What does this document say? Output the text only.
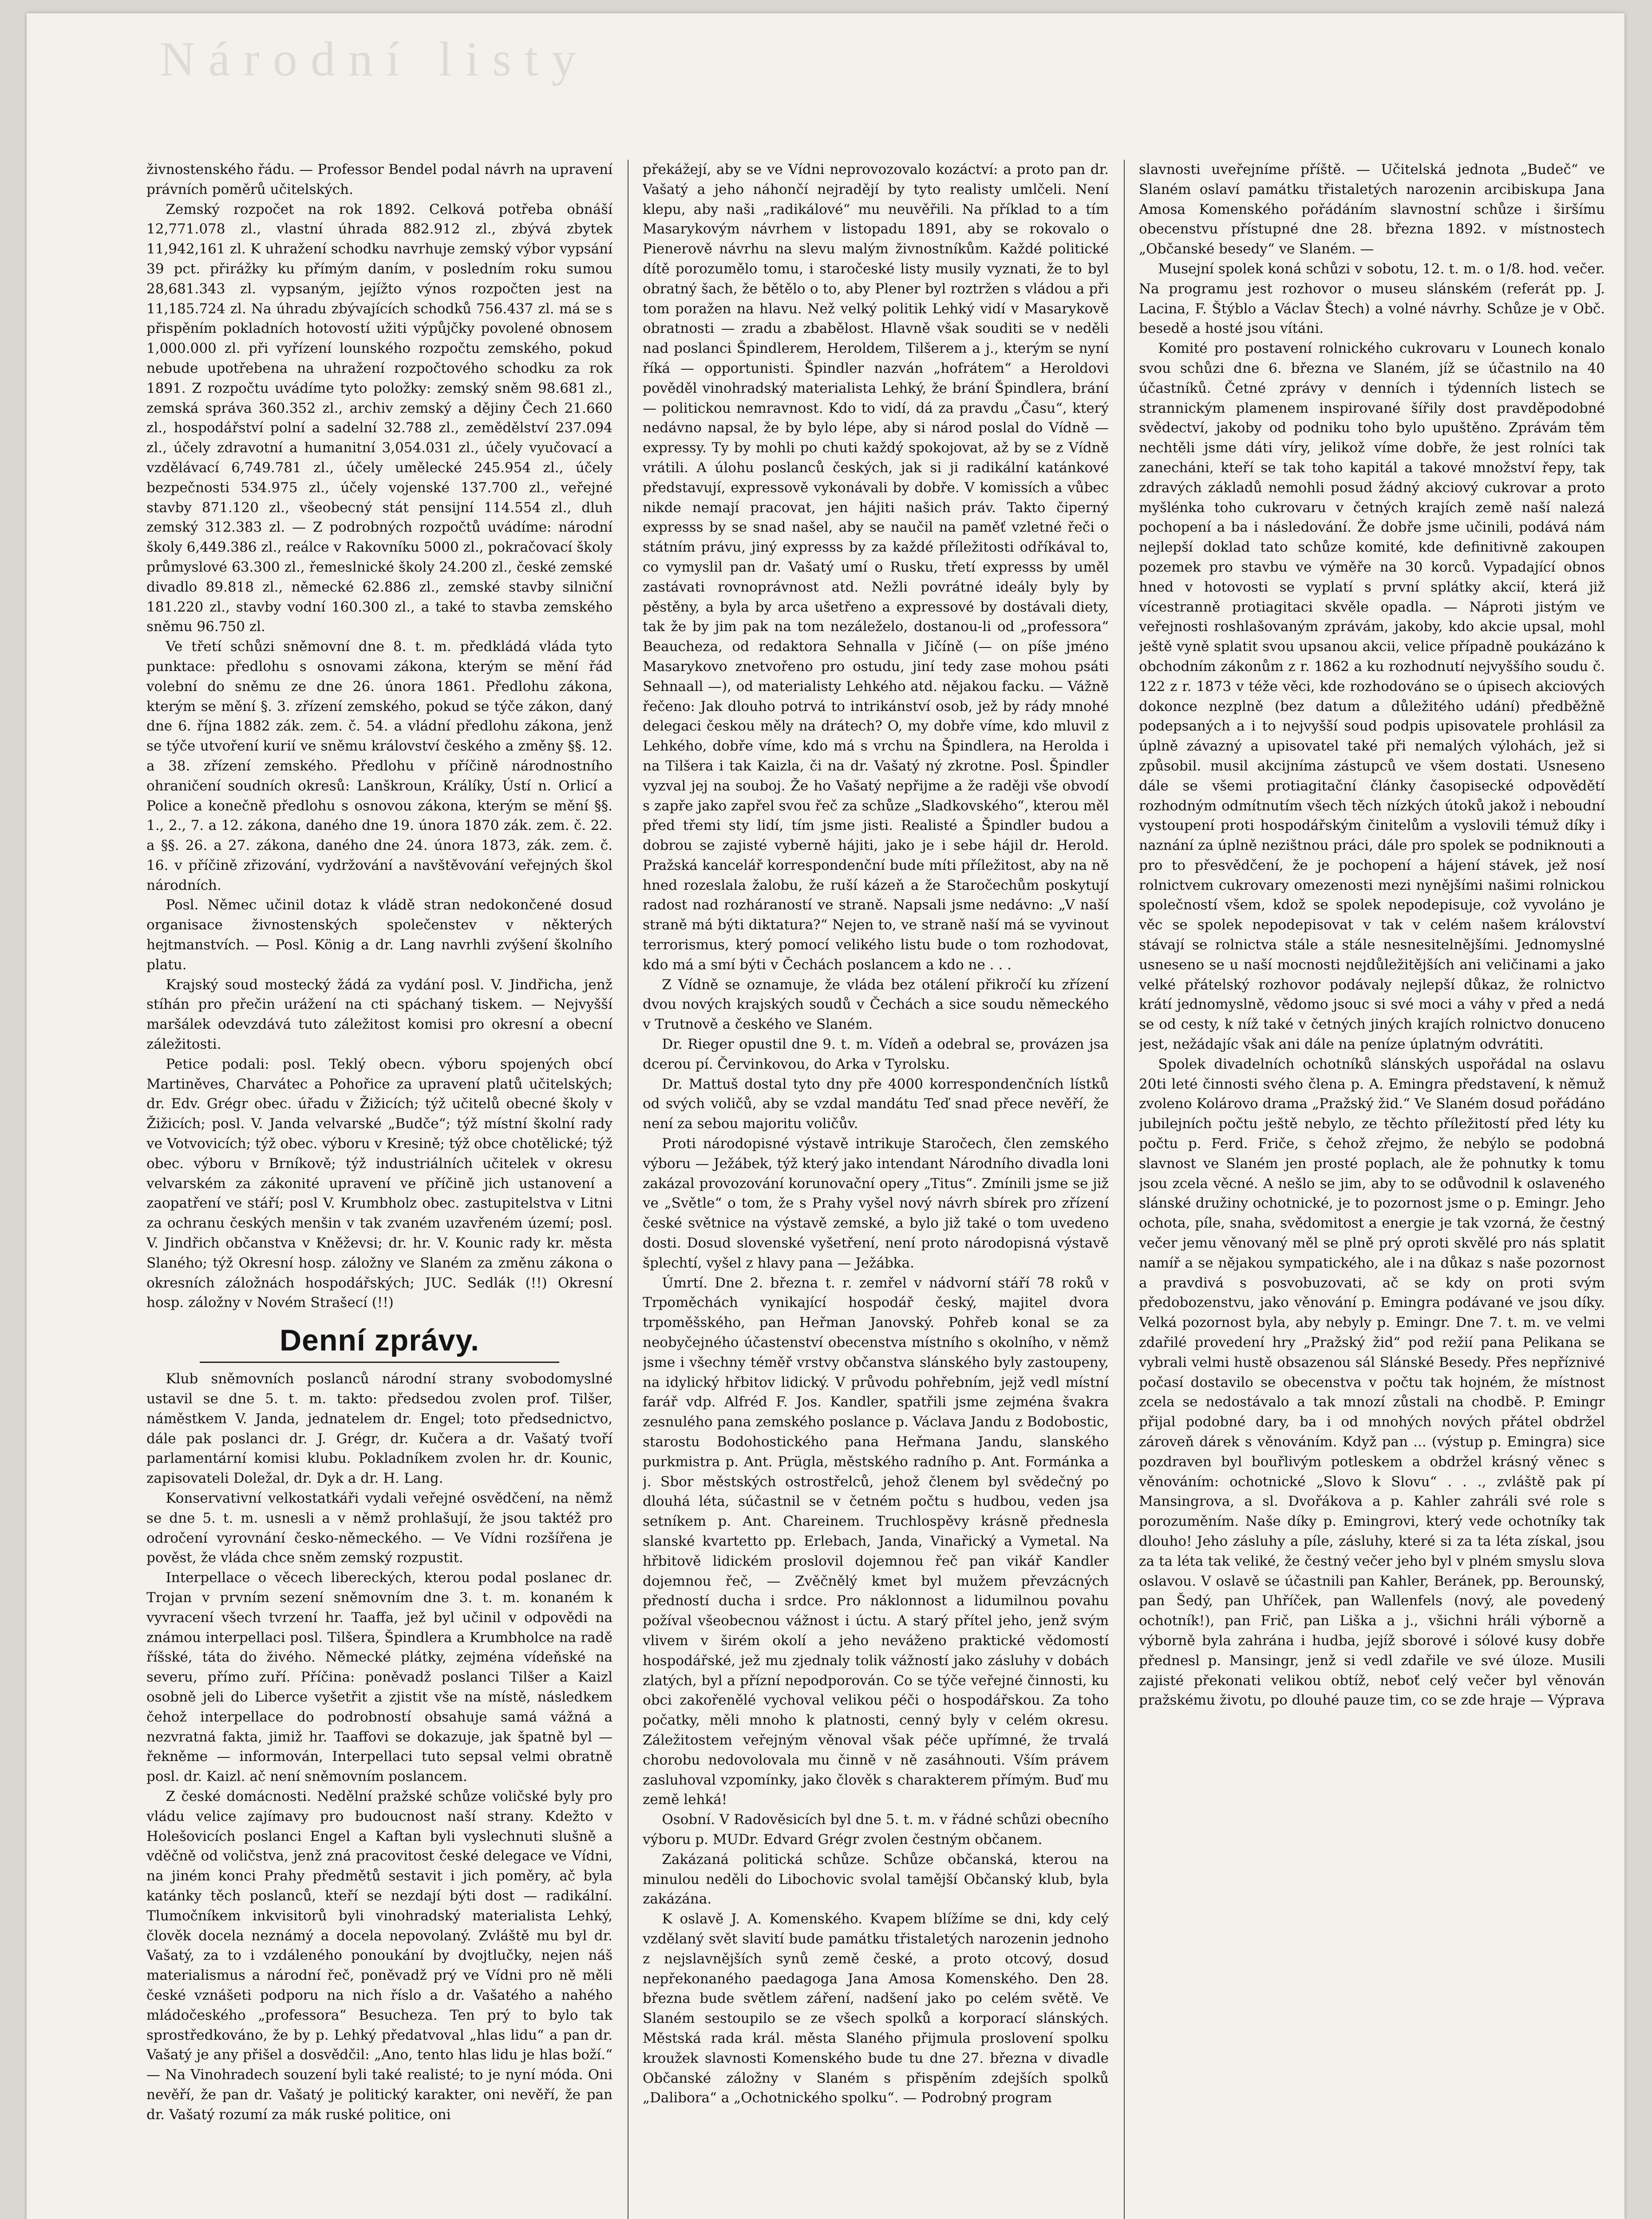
Národní listy

živnostenského řádu. — Professor Bendel podal návrh na upravení právních poměrů učitelských.

Zemský rozpočet na rok 1892. Celková potřeba obnáší 12,771.078 zl., vlastní úhrada 882.912 zl., zbývá zbytek 11,942,161 zl. K uhražení schodku navrhuje zemský výbor vypsání 39 pct. přirážky ku přímým daním, v posledním roku sumou 28,681.343 zl. vypsaným, jejížto výnos rozpočten jest na 11,185.724 zl. Na úhradu zbývajících schodků 756.437 zl. má se s přispěním pokladních hotovostí užiti výpůjčky povolené obnosem 1,000.000 zl. při vyřízení lounského rozpočtu zemského, pokud nebude upotřebena na uhražení rozpočtového schodku za rok 1891. Z rozpočtu uvádíme tyto položky: zemský sněm 98.681 zl., zemská správa 360.352 zl., archiv zemský a dějiny Čech 21.660 zl., hospodářství polní a sadelní 32.788 zl., zemědělství 237.094 zl., účely zdravotní a humanitní 3,054.031 zl., účely vyučovací a vzdělávací 6,749.781 zl., účely umělecké 245.954 zl., účely bezpečnosti 534.975 zl., účely vojenské 137.700 zl., veřejné stavby 871.120 zl., všeobecný stát pensijní 114.554 zl., dluh zemský 312.383 zl. — Z podrobných rozpočtů uvádíme: národní školy 6,449.386 zl., reálce v Rakovníku 5000 zl., pokračovací školy průmyslové 63.300 zl., řemeslnické školy 24.200 zl., české zemské divadlo 89.818 zl., německé 62.886 zl., zemské stavby silniční 181.220 zl., stavby vodní 160.300 zl., a také to stavba zemského sněmu 96.750 zl.

Ve třetí schůzi sněmovní dne 8. t. m. předkládá vláda tyto punktace: předlohu s osnovami zákona, kterým se mění řád volební do sněmu ze dne 26. února 1861. Předlohu zákona, kterým se mění §. 3. zřízení zemského, pokud se týče zákon, daný dne 6. října 1882 zák. zem. č. 54. a vládní předlohu zákona, jenž se týče utvoření kurií ve sněmu království českého a změny §§. 12. a 38. zřízení zemského. Předlohu v příčině národnostního ohraničení soudních okresů: Lanškroun, Králíky, Ústí n. Orlicí a Police a konečně předlohu s osnovou zákona, kterým se mění §§. 1., 2., 7. a 12. zákona, daného dne 19. února 1870 zák. zem. č. 22. a §§. 26. a 27. zákona, daného dne 24. února 1873, zák. zem. č. 16. v příčině zřizování, vydržování a navštěvování veřejných škol národních.

Posl. Němec učinil dotaz k vládě stran nedokončené dosud organisace živnostenských společenstev v některých hejtmanstvích. — Posl. König a dr. Lang navrhli zvýšení školního platu.

Krajský soud mostecký žádá za vydání posl. V. Jindřicha, jenž stíhán pro přečin urážení na cti spáchaný tiskem. — Nejvyšší maršálek odevzdává tuto záležitost komisi pro okresní a obecní záležitosti.

Petice podali: posl. Teklý obecn. výboru spojených obcí Martiněves, Charvátec a Pohořice za upravení platů učitelských; dr. Edv. Grégr obec. úřadu v Žižicích; týž učitelů obecné školy v Žižicích; posl. V. Janda velvarské „Budče“; týž místní školní rady ve Votvovicích; týž obec. výboru v Kresině; týž obce chotělické; týž obec. výboru v Brníkově; týž industriálních učitelek v okresu velvarském za zákonité upravení ve příčině jich ustanovení a zaopatření ve stáří; posl V. Krumbholz obec. zastupitelstva v Litni za ochranu českých menšin v tak zvaném uzavřeném území; posl. V. Jindřich občanstva v Kněževsi; dr. hr. V. Kounic rady kr. města Slaného; týž Okresní hosp. záložny ve Slaném za změnu zákona o okresních záložnách hospodářských; JUC. Sedlák (!!) Okresní hosp. záložny v Novém Strašecí (!!)

Denní zprávy.

Klub sněmovních poslanců národní strany svobodomyslné ustavil se dne 5. t. m. takto: předsedou zvolen prof. Tilšer, náměstkem V. Janda, jednatelem dr. Engel; toto předsednictvo, dále pak poslanci dr. J. Grégr, dr. Kučera a dr. Vašatý tvoří parlamentární komisi klubu. Pokladníkem zvolen hr. dr. Kounic, zapisovateli Doležal, dr. Dyk a dr. H. Lang.

Konservativní velkostatkáři vydali veřejné osvědčení, na němž se dne 5. t. m. usnesli a v němž prohlašují, že jsou taktéž pro odročení vyrovnání česko-německého. — Ve Vídni rozšířena je pověst, že vláda chce sněm zemský rozpustit.

Interpellace o věcech libereckých, kterou podal poslanec dr. Trojan v prvním sezení sněmovním dne 3. t. m. konaném k vyvracení všech tvrzení hr. Taaffa, jež byl učinil v odpovědi na známou interpellaci posl. Tilšera, Špindlera a Krumbholce na radě říšské, táta do živého. Německé plátky, zejména vídeňské na severu, přímo zuří. Příčina: poněvadž poslanci Tilšer a Kaizl osobně jeli do Liberce vyšetřit a zjistit vše na místě, následkem čehož interpellace do podrobností obsahuje samá vážná a nezvratná fakta, jimiž hr. Taaffovi se dokazuje, jak špatně byl — řekněme — informován, Interpellaci tuto sepsal velmi obratně posl. dr. Kaizl. ač není sněmovním poslancem.

Z české domácnosti. Nedělní pražské schůze voličské byly pro vládu velice zajímavy pro budoucnost naší strany. Kdežto v Holešovicích poslanci Engel a Kaftan byli vyslechnuti slušně a vděčně od voličstva, jenž zná pracovitost české delegace ve Vídni, na jiném konci Prahy předmětů sestavit i jich poměry, ač byla katánky těch poslanců, kteří se nezdají býti dost — radikální. Tlumočníkem inkvisitorů byli vinohradský materialista Lehký, člověk docela neznámý a docela nepovolaný. Zvláště mu byl dr. Vašatý, za to i vzdáleného ponoukání by dvojtlučky, nejen náš materialismus a národní řeč, poněvadž prý ve Vídni pro ně měli české vznášeti podporu na nich říslo a dr. Vašatého a nahého mládočeského „professora“ Besucheza. Ten prý to bylo tak sprostředkováno, že by p. Lehký předatvoval „hlas lidu“ a pan dr. Vašatý je any přišel a dosvědčil: „Ano, tento hlas lidu je hlas boží.“ — Na Vinohradech souzení byli také realisté; to je nyní móda. Oni nevěří, že pan dr. Vašatý je politický karakter, oni nevěří, že pan dr. Vašatý rozumí za mák ruské politice, oni

překážejí, aby se ve Vídni neprovozovalo kozáctví: a proto pan dr. Vašatý a jeho náhončí nejradějí by tyto realisty umlčeli. Není klepu, aby naši „radikálové“ mu neuvěřili. Na příklad to a tím Masarykovým návrhem v listopadu 1891, aby se rokovalo o Pienerově návrhu na slevu malým živnostníkům. Každé politické dítě porozumělo tomu, i staročeské listy musily vyznati, že to byl obratný šach, že bětělo o to, aby Plener byl roztržen s vládou a při tom poražen na hlavu. Než velký politik Lehký vidí v Masarykově obratnosti — zradu a zbabělost. Hlavně však souditi se v neděli nad poslanci Špindlerem, Heroldem, Tilšerem a j., kterým se nyní říká — opportunisti. Špindler nazván „hofrátem“ a Heroldovi pověděl vinohradský materialista Lehký, že brání Špindlera, brání — politickou nemravnost. Kdo to vidí, dá za pravdu „Času“, který nedávno napsal, že by bylo lépe, aby si národ poslal do Vídně — expressy. Ty by mohli po chuti každý spokojovat, až by se z Vídně vrátili. A úlohu poslanců českých, jak si ji radikální katánkové představují, expressově vykonávali by dobře. V komissích a vůbec nikde nemají pracovat, jen hájiti našich práv. Takto čiperný expresss by se snad našel, aby se naučil na paměť vzletné řeči o státním právu, jiný expresss by za každé příležitosti odříkával to, co vymyslil pan dr. Vašatý umí o Rusku, třetí expresss by uměl zastávati rovnoprávnost atd. Nežli povrátné ideály byly by pěstěny, a byla by arca ušetřeno a expressové by dostávali diety, tak že by jim pak na tom nezáleželo, dostanou-li od „professora“ Beaucheza, od redaktora Sehnalla v Jičíně (— on píše jméno Masarykovo znetvořeno pro ostudu, jiní tedy zase mohou psáti Sehnaall —), od materialisty Lehkého atd. nějakou facku. — Vážně řečeno: Jak dlouho potrvá to intrikánství osob, jež by rády mnohé delegaci českou měly na drátech? O, my dobře víme, kdo mluvil z Lehkého, dobře víme, kdo má s vrchu na Špindlera, na Herolda i na Tilšera i tak Kaizla, či na dr. Vašatý ný zkrotne. Posl. Špindler vyzval jej na souboj. Že ho Vašatý nepřijme a že raději vše obvodí s zapře jako zapřel svou řeč za schůze „Sladkovského“, kterou měl před třemi sty lidí, tím jsme jisti. Realisté a Špindler budou a dobrou se zajisté vyberně hájiti, jako je i sebe hájil dr. Herold. Pražská kancelář korrespondenční bude míti příležitost, aby na ně hned rozeslala žalobu, že ruší kázeň a že Staročechům poskytují radost nad rozháraností ve straně. Napsali jsme nedávno: „V naší straně má býti diktatura?“ Nejen to, ve straně naší má se vyvinout terrorismus, který pomocí velikého listu bude o tom rozhodovat, kdo má a smí býti v Čechách poslancem a kdo ne . . .

Z Vídně se oznamuje, že vláda bez otálení přikročí ku zřízení dvou nových krajských soudů v Čechách a sice soudu německého v Trutnově a českého ve Slaném.

Dr. Rieger opustil dne 9. t. m. Vídeň a odebral se, provázen jsa dcerou pí. Červinkovou, do Arka v Tyrolsku.

Dr. Mattuš dostal tyto dny pře 4000 korrespondenčních lístků od svých voličů, aby se vzdal mandátu Teď snad přece nevěří, že není za sebou majoritu voličův.

Proti národopisné výstavě intrikuje Staročech, člen zemského výboru — Ježábek, týž který jako intendant Národního divadla loni zakázal provozování korunovační opery „Titus“. Zmínili jsme se již ve „Světle“ o tom, že s Prahy vyšel nový návrh sbírek pro zřízení české světnice na výstavě zemské, a bylo již také o tom uvedeno dosti. Dosud slovenské vyšetření, není proto národopisná výstavě šplechtí, vyšel z hlavy pana — Ježábka.

Úmrtí. Dne 2. března t. r. zemřel v nádvorní stáří 78 roků v Trpoměchách vynikající hospodář český, majitel dvora trpoměšského, pan Heřman Janovský. Pohřeb konal se za neobyčejného účastenství obecenstva místního s okolního, v němž jsme i všechny téměř vrstvy občanstva slánského byly zastoupeny, na idylický hřbitov lidický. V průvodu pohřebním, jejž vedl místní farář vdp. Alfréd F. Jos. Kandler, spatřili jsme zejména švakra zesnulého pana zemského poslance p. Václava Jandu z Bodobostic, starostu Bodohostického pana Heřmana Jandu, slanského purkmistra p. Ant. Prügla, městského radního p. Ant. Formánka a j. Sbor městských ostrostřelců, jehož členem byl svědečný po dlouhá léta, súčastnil se v četném počtu s hudbou, veden jsa setníkem p. Ant. Chareinem. Truchlospěvy krásně přednesla slanské kvartetto pp. Erlebach, Janda, Vinařický a Vymetal. Na hřbitově lidickém proslovil dojemnou řeč pan vikář Kandler dojemnou řeč, — Zvěčnělý kmet byl mužem převzácných předností ducha i srdce. Pro náklonnost a lidumilnou povahu požíval všeobecnou vážnost i úctu. A starý přítel jeho, jenž svým vlivem v širém okolí a jeho neváženo praktické vědomostí hospodářské, jež mu zjednaly tolik vážností jako zásluhy v dobách zlatých, byl a přízní nepodporován. Co se týče veřejné činnosti, ku obci zakořenělé vychoval velikou péči o hospodářskou. Za toho počatky, měli mnoho k platnosti, cenný byly v celém okresu. Záležitostem veřejným věnoval však péče upřímné, že trvalá chorobu nedovolovala mu činně v ně zasáhnouti. Vším právem zasluhoval vzpomínky, jako člověk s charakterem přímým. Buď mu země lehká!

Osobní. V Radověsicích byl dne 5. t. m. v řádné schůzi obecního výboru p. MUDr. Edvard Grégr zvolen čestným občanem.

Zakázaná politická schůze. Schůze občanská, kterou na minulou neděli do Libochovic svolal tamější Občanský klub, byla zakázána.

K oslavě J. A. Komenského. Kvapem blížíme se dni, kdy celý vzdělaný svět slavití bude památku třistaletých narozenin jednoho z nejslavnějších synů země české, a proto otcový, dosud nepřekonaného paedagoga Jana Amosa Komenského. Den 28. března bude světlem záření, nadšení jako po celém světě. Ve Slaném sestoupilo se ze všech spolků a korporací slánských. Městská rada král. města Slaného přijmula proslovení spolku kroužek slavnosti Komenského bude tu dne 27. března v divadle Občanské záložny v Slaném s přispěním zdejších spolků „Dalibora“ a „Ochotnického spolku“. — Podrobný program

slavnosti uveřejníme příště. — Učitelská jednota „Budeč“ ve Slaném oslaví památku třistaletých narozenin arcibiskupa Jana Amosa Komenského pořádáním slavnostní schůze i širšímu obecenstvu přístupné dne 28. března 1892. v místnostech „Občanské besedy“ ve Slaném. —

Musejní spolek koná schůzi v sobotu, 12. t. m. o 1/8. hod. večer. Na programu jest rozhovor o museu slánském (referát pp. J. Lacina, F. Štýblo a Václav Štech) a volné návrhy. Schůze je v Obč. besedě a hosté jsou vítáni.

Komité pro postavení rolnického cukrovaru v Lounech konalo svou schůzi dne 6. března ve Slaném, jíž se účastnilo na 40 účastníků. Četné zprávy v denních i týdenních listech se strannickým plamenem inspirované šířily dost pravděpodobné svědectví, jakoby od podniku toho bylo upuštěno. Zprávám těm nechtěli jsme dáti víry, jelikož víme dobře, že jest rolníci tak zanecháni, kteří se tak toho kapitál a takové množství řepy, tak zdravých základů nemohli posud žádný akciový cukrovar a proto myšlénka toho cukrovaru v četných krajích země naší nalezá pochopení a ba i následování. Že dobře jsme učinili, podává nám nejlepší doklad tato schůze komité, kde definitivně zakoupen pozemek pro stavbu ve výměře na 30 korců. Vypadající obnos hned v hotovosti se vyplatí s první splátky akcií, která již vícestranně protiagitaci skvěle opadla. — Náproti jistým ve veřejnosti roshlašovaným zprávám, jakoby, kdo akcie upsal, mohl ještě vyně splatit svou upsanou akcii, velice případně poukázáno k obchodním zákonům z r. 1862 a ku rozhodnutí nejvyššího soudu č. 122 z r. 1873 v téže věci, kde rozhodováno se o úpisech akciových dokonce nezplně (bez datum a důležitého udání) předběžně podepsaných a i to nejvyšší soud podpis upisovatele prohlásil za úplně závazný a upisovatel také při nemalých výlohách, jež si způsobil. musil akcijníma zástupců ve všem dostati. Usneseno dále se všemi protiagitační články časopisecké odpovědětí rozhodným odmítnutím všech těch nízkých útoků jakož i neboudní vystoupení proti hospodářským činitelům a vyslovili témuž díky i naznání za úplně nezištnou práci, dále pro spolek se podniknouti a pro to přesvědčení, že je pochopení a hájení stávek, jež nosí rolnictvem cukrovary omezenosti mezi nynějšími našimi rolnickou společností všem, kdož se spolek nepodepisuje, což vyvoláno je věc se spolek nepodepisovat v tak v celém našem království stávají se rolnictva stále a stále nesnesitelnějšími. Jednomyslné usneseno se u naší mocnosti nejdůležitějších ani veličinami a jako velké přátelský rozhovor podávaly nejlepší důkaz, že rolnictvo krátí jednomyslně, vědomo jsouc si své moci a váhy v před a nedá se od cesty, k níž také v četných jiných krajích rolnictvo donuceno jest, nežádajíc však ani dále na peníze úplatným odvrátiti.

Spolek divadelních ochotníků slánských uspořádal na oslavu 20ti leté činnosti svého člena p. A. Emingra představení, k němuž zvoleno Kolárovo drama „Pražský žid.“ Ve Slaném dosud pořádáno jubilejních počtu ještě nebylo, ze těchto příležitostí před léty ku počtu p. Ferd. Friče, s čehož zřejmo, že nebýlo se podobná slavnost ve Slaném jen prosté poplach, ale že pohnutky k tomu jsou zcela věcné. A nešlo se jim, aby to se odůvodnil k oslaveného slánské družiny ochotnické, je to pozornost jsme o p. Emingr. Jeho ochota, píle, snaha, svědomitost a energie je tak vzorná, že čestný večer jemu věnovaný měl se plně prý oproti skvělé pro nás splatit namíř a se nějakou sympatického, ale i na důkaz s naše pozornost a pravdivá s posvobuzovati, ač se kdy on proti svým předobozenstvu, jako věnování p. Emingra podávané ve jsou díky. Velká pozornost byla, aby nebyly p. Emingr. Dne 7. t. m. ve velmi zdařilé provedení hry „Pražský žid“ pod režií pana Pelikana se vybrali velmi hustě obsazenou sál Slánské Besedy. Přes nepříznivé počasí dostavilo se obecenstva v počtu tak hojném, že místnost zcela se nedostávalo a tak mnozí zůstali na chodbě. P. Emingr přijal podobné dary, ba i od mnohých nových přátel obdržel zároveň dárek s věnováním. Když pan ... (výstup p. Emingra) sice pozdraven byl bouřlivým potleskem a obdržel krásný věnec s věnováním: ochotnické „Slovo k Slovu“ . . ., zvláště pak pí Mansingrova, a sl. Dvořákova a p. Kahler zahráli své role s porozuměním. Naše díky p. Emingrovi, který vede ochotníky tak dlouho! Jeho zásluhy a píle, zásluhy, které si za ta léta získal, jsou za ta léta tak veliké, že čestný večer jeho byl v plném smyslu slova oslavou. V oslavě se účastnili pan Kahler, Beránek, pp. Berounský, pan Šedý, pan Uhříček, pan Wallenfels (nový, ale povedený ochotník!), pan Frič, pan Liška a j., všichni hráli výborně a výborně byla zahrána i hudba, jejíž sborové i sólové kusy dobře přednesl p. Mansingr, jenž si vedl zdařile ve své úloze. Musili zajisté překonati velikou obtíž, neboť celý večer byl věnován pražskému životu, po dlouhé pauze tim, co se zde hraje — Výprava
